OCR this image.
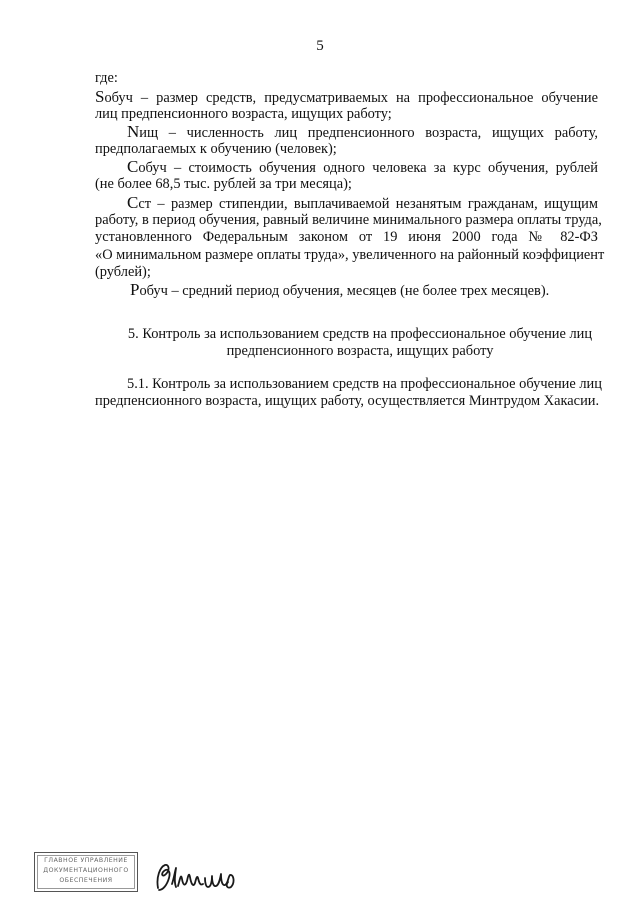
5
где:
Sобуч – размер средств, предусматриваемых на профессиональное обучение
лиц предпенсионного возраста, ищущих работу;
Nищ – численность лиц предпенсионного возраста, ищущих работу,
предполагаемых к обучению (человек);
Собуч – стоимость обучения одного человека за курс обучения, рублей
(не более 68,5 тыс. рублей за три месяца);
Сст – размер стипендии, выплачиваемой незанятым гражданам, ищущим
работу, в период обучения, равный величине минимального размера оплаты труда,
установленного Федеральным законом от 19 июня 2000 года № 82-ФЗ
«О минимальном размере оплаты труда», увеличенного на районный коэффициент
(рублей);
Робуч – средний период обучения, месяцев (не более трех месяцев).
5. Контроль за использованием средств на профессиональное обучение лиц
предпенсионного возраста, ищущих работу
5.1. Контроль за использованием средств на профессиональное обучение лиц
предпенсионного возраста, ищущих работу, осуществляется Минтрудом Хакасии.
ГЛАВНОЕ УПРАВЛЕНИЕ
ДОКУМЕНТАЦИОННОГО
ОБЕСПЕЧЕНИЯ
